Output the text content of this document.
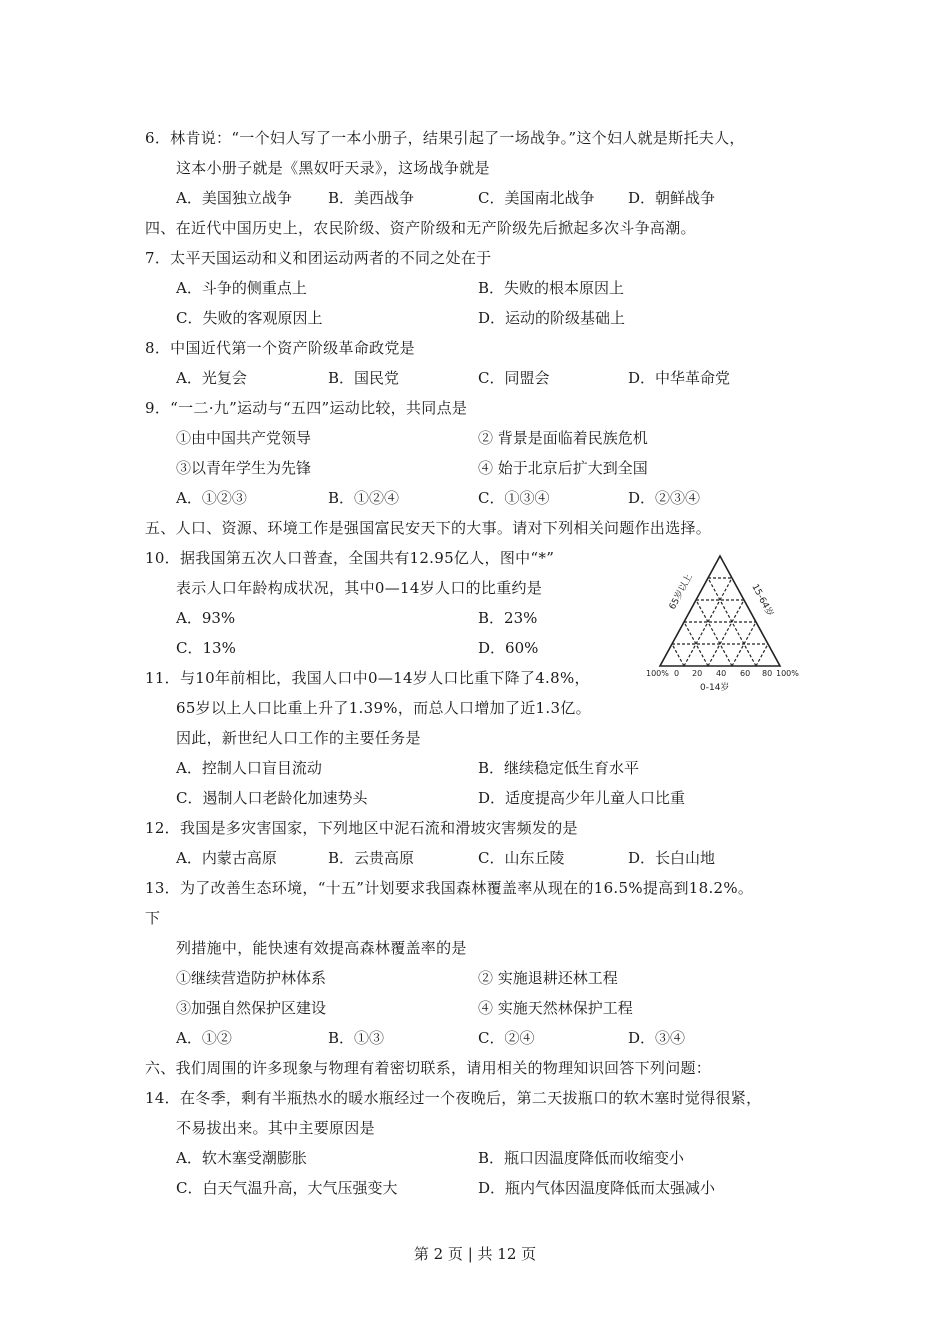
6．林肯说：“一个妇人写了一本小册子，结果引起了一场战争。”这个妇人就是斯托夫人，
这本小册子就是《黑奴吁天录》，这场战争就是
A．美国独立战争 B．美西战争	C．美国南北战争 D．朝鲜战争
四、在近代中国历史上，农民阶级、资产阶级和无产阶级先后掀起多次斗争高潮。
7．太平天国运动和义和团运动两者的不同之处在于
A．斗争的侧重点上	B．失败的根本原因上
C．失败的客观原因上	D．运动的阶级基础上
8．中国近代第一个资产阶级革命政党是
A．光复会	B．国民党	C．同盟会	D．中华革命党
9．“一二·九”运动与“五四”运动比较，共同点是
①由中国共产党领导	② 背景是面临着民族危机
③以青年学生为先锋	④ 始于北京后扩大到全国
A．①②③	B．①②④	C．①③④	D．②③④
五、人口、资源、环境工作是强国富民安天下的大事。请对下列相关问题作出选择。
10．据我国第五次人口普查，全国共有12.95亿人，图中“*”
表示人口年龄构成状况，其中0—14岁人口的比重约是
A．93%	B．23%
C．13%	D．60%
100% 0 20 40 60 80 100%
0-14岁
65岁以上	15-64岁
11．与10年前相比，我国人口中0—14岁人口比重下降了4.8%，
65岁以上人口比重上升了1.39%，而总人口增加了近1.3亿。
因此，新世纪人口工作的主要任务是
A．控制人口盲目流动	B．继续稳定低生育水平
C．遏制人口老龄化加速势头	D．适度提高少年儿童人口比重
12．我国是多灾害国家，下列地区中泥石流和滑坡灾害频发的是
A．内蒙古高原	B．云贵高原	C．山东丘陵	D．长白山地
13．为了改善生态环境，“十五”计划要求我国森林覆盖率从现在的16.5%提高到18.2%。
下
列措施中，能快速有效提高森林覆盖率的是
①继续营造防护林体系	② 实施退耕还林工程
③加强自然保护区建设	④ 实施天然林保护工程
A．①②	B．①③	C．②④	D．③④
六、我们周围的许多现象与物理有着密切联系，请用相关的物理知识回答下列问题：
14．在冬季，剩有半瓶热水的暖水瓶经过一个夜晚后，第二天拔瓶口的软木塞时觉得很紧，
不易拔出来。其中主要原因是
A．软木塞受潮膨胀	B．瓶口因温度降低而收缩变小
C．白天气温升高，大气压强变大	D．瓶内气体因温度降低而太强减小
第 2 页 | 共 12 页
